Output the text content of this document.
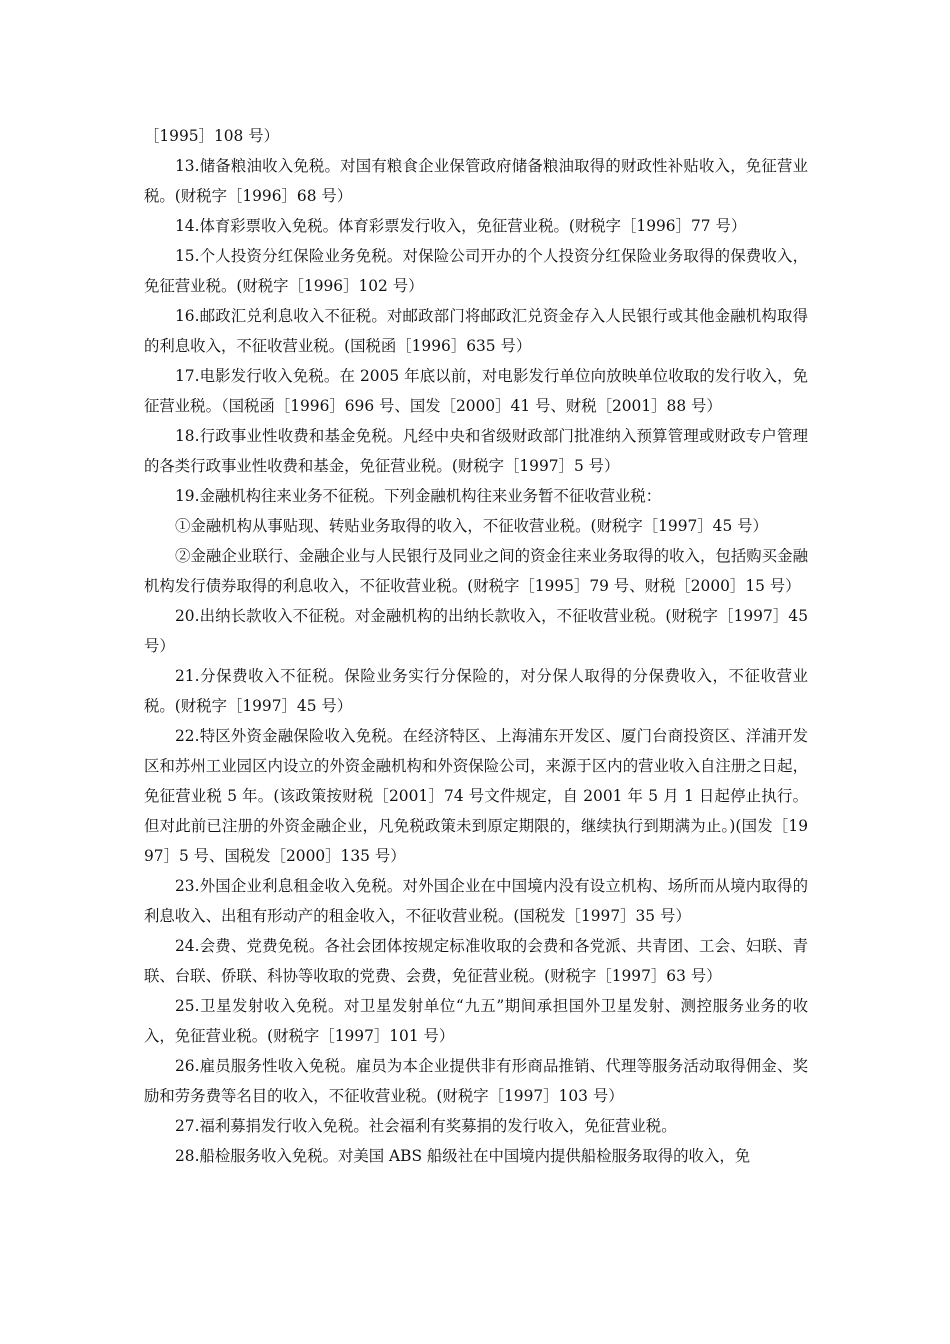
［1995］108 号）

13.储备粮油收入免税。对国有粮食企业保管政府储备粮油取得的财政性补贴收入，免征营业税。(财税字［1996］68 号）

14.体育彩票收入免税。体育彩票发行收入，免征营业税。(财税字［1996］77 号）

15.个人投资分红保险业务免税。对保险公司开办的个人投资分红保险业务取得的保费收入，免征营业税。(财税字［1996］102 号）

16.邮政汇兑利息收入不征税。对邮政部门将邮政汇兑资金存入人民银行或其他金融机构取得的利息收入，不征收营业税。(国税函［1996］635 号）

17.电影发行收入免税。在 2005 年底以前，对电影发行单位向放映单位收取的发行收入，免征营业税。（国税函［1996］696 号、国发［2000］41 号、财税［2001］88 号）

18.行政事业性收费和基金免税。凡经中央和省级财政部门批准纳入预算管理或财政专户管理的各类行政事业性收费和基金，免征营业税。(财税字［1997］5 号）

19.金融机构往来业务不征税。下列金融机构往来业务暂不征收营业税：

①金融机构从事贴现、转贴业务取得的收入，不征收营业税。(财税字［1997］45 号）

②金融企业联行、金融企业与人民银行及同业之间的资金往来业务取得的收入，包括购买金融机构发行债券取得的利息收入，不征收营业税。(财税字［1995］79 号、财税［2000］15 号）

20.出纳长款收入不征税。对金融机构的出纳长款收入，不征收营业税。(财税字［1997］45 号）

21.分保费收入不征税。保险业务实行分保险的，对分保人取得的分保费收入，不征收营业税。(财税字［1997］45 号）

22.特区外资金融保险收入免税。在经济特区、上海浦东开发区、厦门台商投资区、洋浦开发区和苏州工业园区内设立的外资金融机构和外资保险公司，来源于区内的营业收入自注册之日起，免征营业税 5 年。(该政策按财税［2001］74 号文件规定，自 2001 年 5 月 1 日起停止执行。但对此前已注册的外资金融企业，凡免税政策未到原定期限的，继续执行到期满为止。)(国发［1997］5 号、国税发［2000］135 号）

23.外国企业利息租金收入免税。对外国企业在中国境内没有设立机构、场所而从境内取得的利息收入、出租有形动产的租金收入，不征收营业税。(国税发［1997］35 号）

24.会费、党费免税。各社会团体按规定标准收取的会费和各党派、共青团、工会、妇联、青联、台联、侨联、科协等收取的党费、会费，免征营业税。(财税字［1997］63 号）

25.卫星发射收入免税。对卫星发射单位“九五”期间承担国外卫星发射、测控服务业务的收入，免征营业税。(财税字［1997］101 号）

26.雇员服务性收入免税。雇员为本企业提供非有形商品推销、代理等服务活动取得佣金、奖励和劳务费等名目的收入，不征收营业税。(财税字［1997］103 号）

27.福利募捐发行收入免税。社会福利有奖募捐的发行收入，免征营业税。

28.船检服务收入免税。对美国 ABS 船级社在中国境内提供船检服务取得的收入，免
